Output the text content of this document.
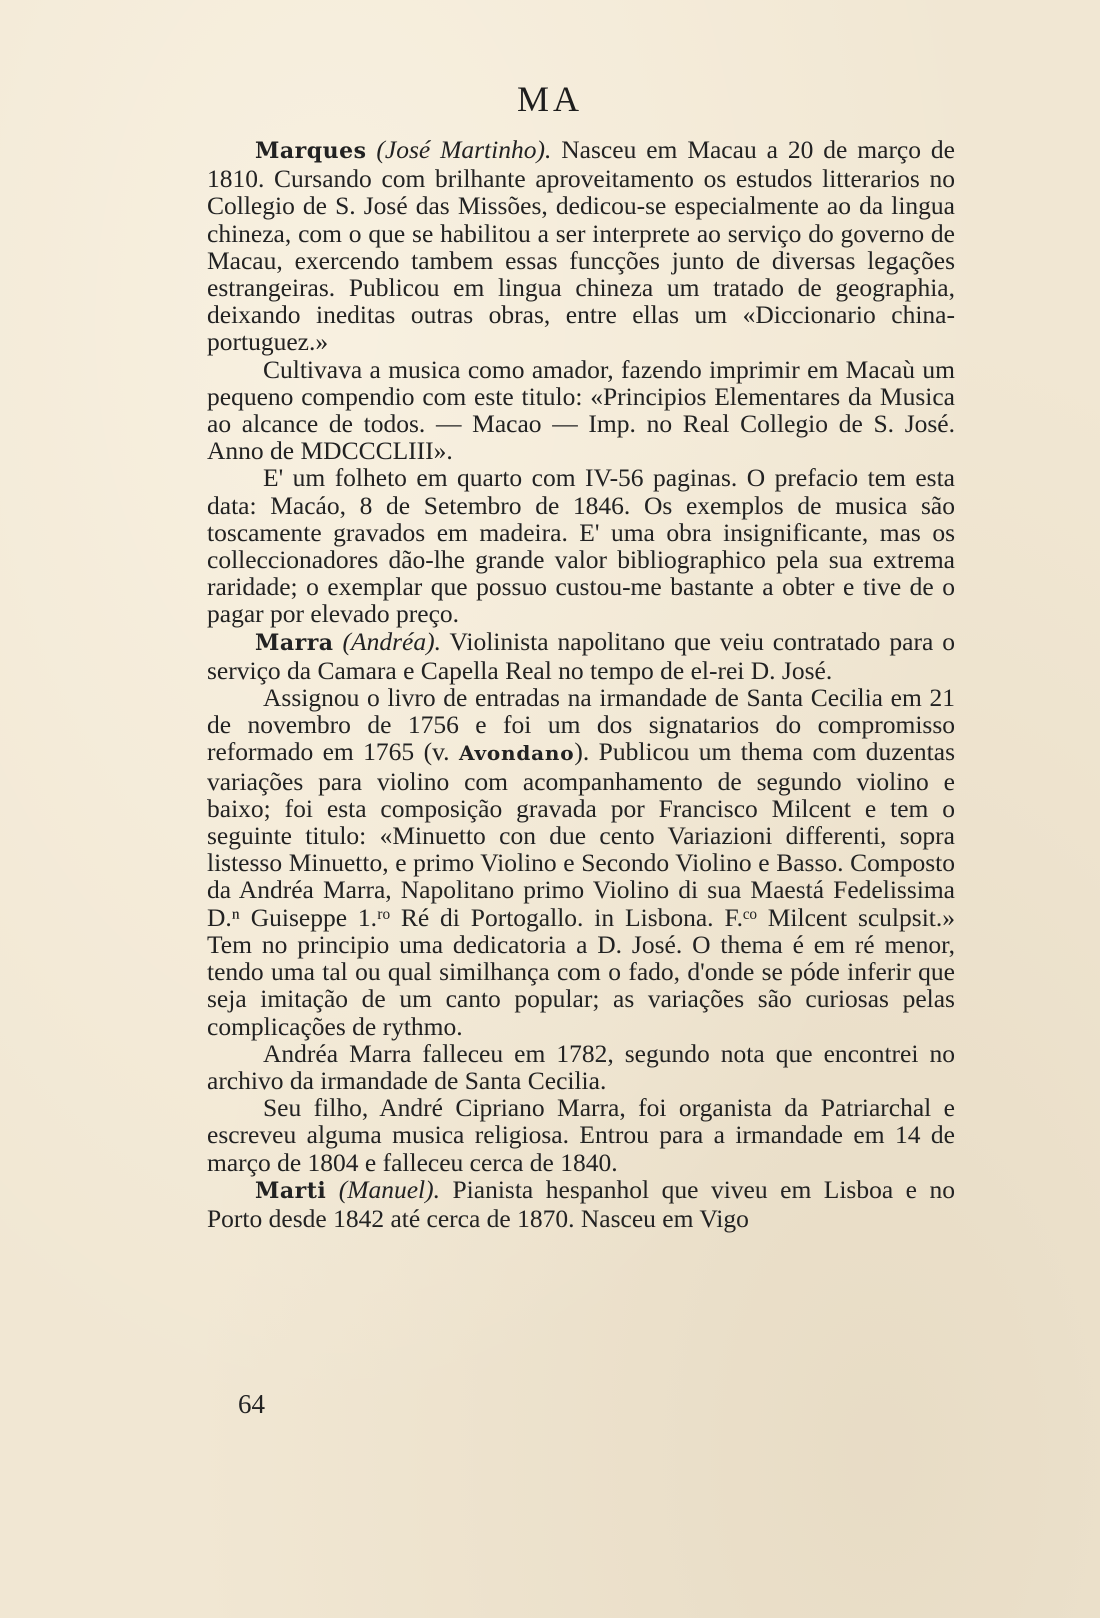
MA

Marques (José Martinho). Nasceu em Macau a 20 de março de 1810. Cursando com brilhante aproveitamento os estudos litterarios no Collegio de S. José das Missões, dedicou-se especialmente ao da lingua chineza, com o que se habilitou a ser interprete ao serviço do governo de Macau, exercendo tambem essas funcções junto de diversas legações estrangeiras. Publicou em lingua chineza um tratado de geographia, deixando ineditas outras obras, entre ellas um «Diccionario china-portuguez.»

Cultivava a musica como amador, fazendo imprimir em Macaù um pequeno compendio com este titulo: «Principios Elementares da Musica ao alcance de todos. — Macao — Imp. no Real Collegio de S. José. Anno de MDCCCLIII».

E' um folheto em quarto com IV-56 paginas. O prefacio tem esta data: Macáo, 8 de Setembro de 1846. Os exemplos de musica são toscamente gravados em madeira. E' uma obra insignificante, mas os colleccionadores dão-lhe grande valor bibliographico pela sua extrema raridade; o exemplar que possuo custou-me bastante a obter e tive de o pagar por elevado preço.

Marra (Andréa). Violinista napolitano que veiu contratado para o serviço da Camara e Capella Real no tempo de el-rei D. José.

Assignou o livro de entradas na irmandade de Santa Cecilia em 21 de novembro de 1756 e foi um dos signatarios do compromisso reformado em 1765 (v. Avondano). Publicou um thema com duzentas variações para violino com acompanhamento de segundo violino e baixo; foi esta composição gravada por Francisco Milcent e tem o seguinte titulo: «Minuetto con due cento Variazioni differenti, sopra listesso Minuetto, e primo Violino e Secondo Violino e Basso. Composto da Andréa Marra, Napolitano primo Violino di sua Maestá Fedelissima D.ⁿ Guiseppe 1.ʳᵒ Ré di Portogallo. in Lisbona. F.ᶜᵒ Milcent sculpsit.» Tem no principio uma dedicatoria a D. José. O thema é em ré menor, tendo uma tal ou qual similhança com o fado, d'onde se póde inferir que seja imitação de um canto popular; as variações são curiosas pelas complicações de rythmo.

Andréa Marra falleceu em 1782, segundo nota que encontrei no archivo da irmandade de Santa Cecilia.

Seu filho, André Cipriano Marra, foi organista da Patriarchal e escreveu alguma musica religiosa. Entrou para a irmandade em 14 de março de 1804 e falleceu cerca de 1840.

Marti (Manuel). Pianista hespanhol que viveu em Lisboa e no Porto desde 1842 até cerca de 1870. Nasceu em Vigo

64
